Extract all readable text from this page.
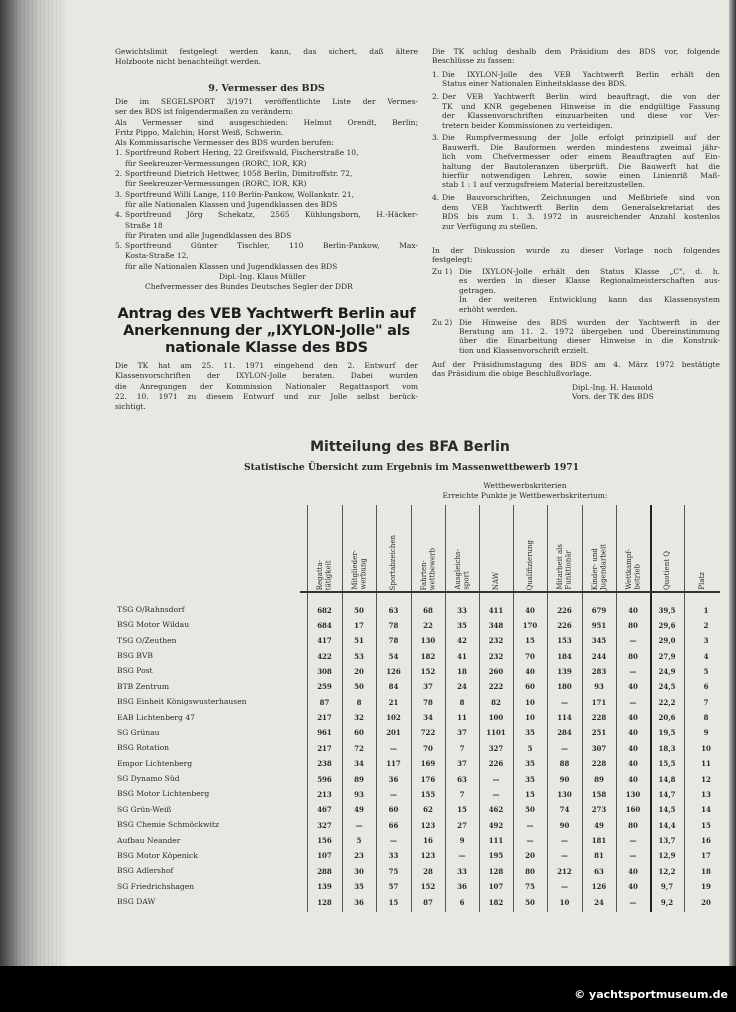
© yachtsportmuseum.de
Gewichtslimit festgelegt werden kann, das sichert, daß ältere
Holzboote nicht benachteiligt werden.
9. Vermesser des BDS
Die im SEGELSPORT 3/1971 veröffentlichte Liste der Vermes-
ser des BDS ist folgendermaßen zu verändern:
Als Vermesser sind ausgeschieden: Helmut Orendt, Berlin;
Fritz Pippo, Malchin; Horst Weiß, Schwerin.
Als Kommissarische Vermesser des BDS wurden berufen:
1. Sportfreund Robert Hering, 22 Greifswald, Fischerstraße 10,
für Seekreuzer-Vermessungen (RORC, IOR, KR)
2. Sportfreund Dietrich Hettwer, 1058 Berlin, Dimitroffstr. 72,
für Seekreuzer-Vermessungen (RORC, IOR, KR)
3. Sportfreund Willi Lange, 110 Berlin-Pankow, Wollankstr. 21,
für alle Nationalen Klassen und Jugendklassen des BDS
4. Sportfreund Jörg Schekatz, 2565 Kühlungsborn, H.-Häcker-
Straße 18
für Piraten und alle Jugendklassen des BDS
5. Sportfreund Günter Tischler, 110 Berlin-Pankow, Max-
Kosta-Straße 12,
für alle Nationalen Klassen und Jugendklassen des BDS
Dipl.-Ing. Klaus Müller
Chefvermesser des Bundes Deutsches Segler der DDR
Antrag des VEB Yachtwerft Berlin auf
Anerkennung der „IXYLON-Jolle" als
nationale Klasse des BDS
Die TK hat am 25. 11. 1971 eingehend den 2. Entwurf der
Klassenvorschriften der IXYLON-Jolle beraten. Dabei wurden
die Anregungen der Kommission Nationaler Regattasport vom
22. 10. 1971 zu diesem Entwurf und zur Jolle selbst berück-
sichtigt.
Die TK schlug deshalb dem Präsidium des BDS vor, folgende
Beschlüsse zu fassen:
1. Die IXYLON-Jolle des VEB Yachtwerft Berlin erhält den
Status einer Nationalen Einheitsklasse des BDS.
2. Der VEB Yachtwerft Berlin wird beauftragt, die von der
TK und KNR gegebenen Hinweise in die endgültige Fassung
der Klassenvorschriften einzuarbeiten und diese vor Ver-
tretern beider Kommissionen zu verteidigen.
3. Die Rumpfvermessung der Jolle erfolgt prinzipiell auf der
Bauwerft. Die Bauformen werden mindestens zweimal jähr-
lich vom Chefvermesser oder einem Beauftragten auf Ein-
haltung der Bautoleranzen überprüft. Die Bauwerft hat die
hierfür notwendigen Lehren, sowie einen Linienriß Maß-
stab 1 : 1 auf verzugsfreiem Material bereitzustellen.
4. Die Bauvorschriften, Zeichnungen und Meßbriefe sind von
dem VEB Yachtwerft Berlin dem Generalsekretariat des
BDS bis zum 1. 3. 1972 in ausreichender Anzahl kostenlos
zur Verfügung zu stellen.
In der Diskussion wurde zu dieser Vorlage noch folgendes
festgelegt:
Zu 1) Die IXYLON-Jolle erhält den Status Klasse „C", d. h.
es werden in dieser Klasse Regionalmeisterschaften aus-
getragen.
In der weiteren Entwicklung kann das Klassensystem
erhöht werden.
Zu 2) Die Hinweise des BDS wurden der Yachtwerft in der
Beratung am 11. 2. 1972 übergeben und Übereinstimmung
über die Einarbeitung dieser Hinweise in die Konstruk-
tion und Klassenvorschrift erzielt.
Auf der Präsidiumstagung des BDS am 4. März 1972 bestätigte
das Präsidium die obige Beschlußvorlage.
Dipl.-Ing. H. Hausold
Vors. der TK des BDS
Mitteilung des BFA Berlin
Statistische Übersicht zum Ergebnis im Massenwettbewerb 1971
Wettbewerbskriterien
Erreichte Punkte je Wettbewerbskriterium:
Regatta-
tätigkeit	Mitglieder-
werbung	Sportabzeichen	Fahrten-
wettbewerb	Ausgleichs-
sport	NAW	Qualifizierung	Mitarbeit als
Funktionär	Kinder- und
Jugendarbeit	Wettkampf-
betrieb	Quotient Q	Platz
TSG O/Rahnsdorf	682	50	63	68	33	411	40	226	679	40	39,5	1
BSG Motor Wildau	684	17	78	22	35	348	170	226	951	80	29,6	2
TSG O/Zeuthen	417	51	78	130	42	232	15	153	345	—	29,0	3
BSG BVB	422	53	54	182	41	232	70	184	244	80	27,9	4
BSG Post	308	20	126	152	18	260	40	139	283	—	24,9	5
BTB Zentrum	259	50	84	37	24	222	60	180	93	40	24,5	6
BSG Einheit Königswusterhausen	87	8	21	78	8	82	10	—	171	—	22,2	7
EAB Lichtenberg 47	217	32	102	34	11	100	10	114	228	40	20,6	8
SG Grünau	961	60	201	722	37	1101	35	284	251	40	19,5	9
BSG Rotation	217	72	—	70	7	327	5	—	307	40	18,3	10
Empor Lichtenberg	238	34	117	169	37	226	35	88	228	40	15,5	11
SG Dynamo Süd	596	89	36	176	63	—	35	90	89	40	14,8	12
BSG Motor Lichtenberg	213	93	—	155	7	—	15	130	158	130	14,7	13
SG Grün-Weiß	467	49	60	62	15	462	50	74	273	160	14,5	14
BSG Chemie Schmöckwitz	327	—	66	123	27	492	—	90	49	80	14,4	15
Aufbau Neander	156	5	—	16	9	111	—	—	181	—	13,7	16
BSG Motor Köpenick	107	23	33	123	—	195	20	—	81	—	12,9	17
BSG Adlershof	288	30	75	28	33	128	80	212	63	40	12,2	18
SG Friedrichshagen	139	35	57	152	36	107	75	—	126	40	9,7	19
BSG DAW	128	36	15	87	6	182	50	10	24	—	9,2	20
